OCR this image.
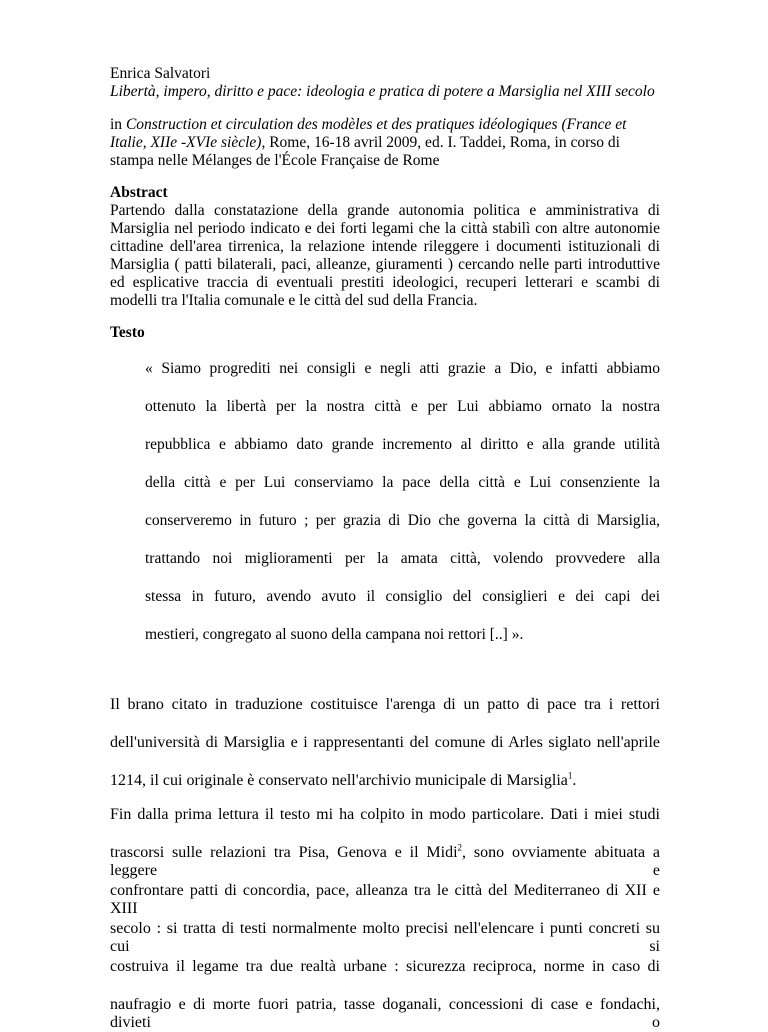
Enrica Salvatori
Libertà, impero, diritto e pace: ideologia e pratica di potere a Marsiglia nel XIII secolo
in Construction et circulation des modèles et des pratiques idéologiques (France et
Italie, XIIe -XVIe siècle), Rome, 16-18 avril 2009, ed. I. Taddei, Roma, in corso di
stampa nelle Mélanges de l'École Française de Rome
Abstract
Partendo dalla constatazione della grande autonomia politica e amministrativa di
Marsiglia nel periodo indicato e dei forti legami che la città stabilì con altre autonomie
cittadine dell'area tirrenica, la relazione intende rileggere i documenti istituzionali di
Marsiglia ( patti bilaterali, paci, alleanze, giuramenti ) cercando nelle parti introduttive
ed esplicative traccia di eventuali prestiti ideologici, recuperi letterari e scambi di
modelli tra l'Italia comunale e le città del sud della Francia.
Testo
« Siamo progrediti nei consigli e negli atti grazie a Dio, e infatti abbiamo
ottenuto la libertà per la nostra città e per Lui abbiamo ornato la nostra
repubblica e abbiamo dato grande incremento al diritto e alla grande utilità
della città e per Lui conserviamo la pace della città e Lui consenziente la
conserveremo in futuro ; per grazia di Dio che governa la città di Marsiglia,
trattando noi miglioramenti per la amata città, volendo provvedere alla
stessa in futuro, avendo avuto il consiglio del consiglieri e dei capi dei
mestieri, congregato al suono della campana noi rettori [..] ».
Il brano citato in traduzione costituisce l'arenga di un patto di pace tra i rettori
dell'università di Marsiglia e i rappresentanti del comune di Arles siglato nell'aprile
1214, il cui originale è conservato nell'archivio municipale di Marsiglia$^1$.
Fin dalla prima lettura il testo mi ha colpito in modo particolare. Dati i miei studi
trascorsi sulle relazioni tra Pisa, Genova e il Midi$^2$, sono ovviamente abituata a leggere e
confrontare patti di concordia, pace, alleanza tra le città del Mediterraneo di XII e XIII
secolo : si tratta di testi normalmente molto precisi nell'elencare i punti concreti su cui si
costruiva il legame tra due realtà urbane : sicurezza reciproca, norme in caso di
naufragio e di morte fuori patria, tasse doganali, concessioni di case e fondachi, divieti o
